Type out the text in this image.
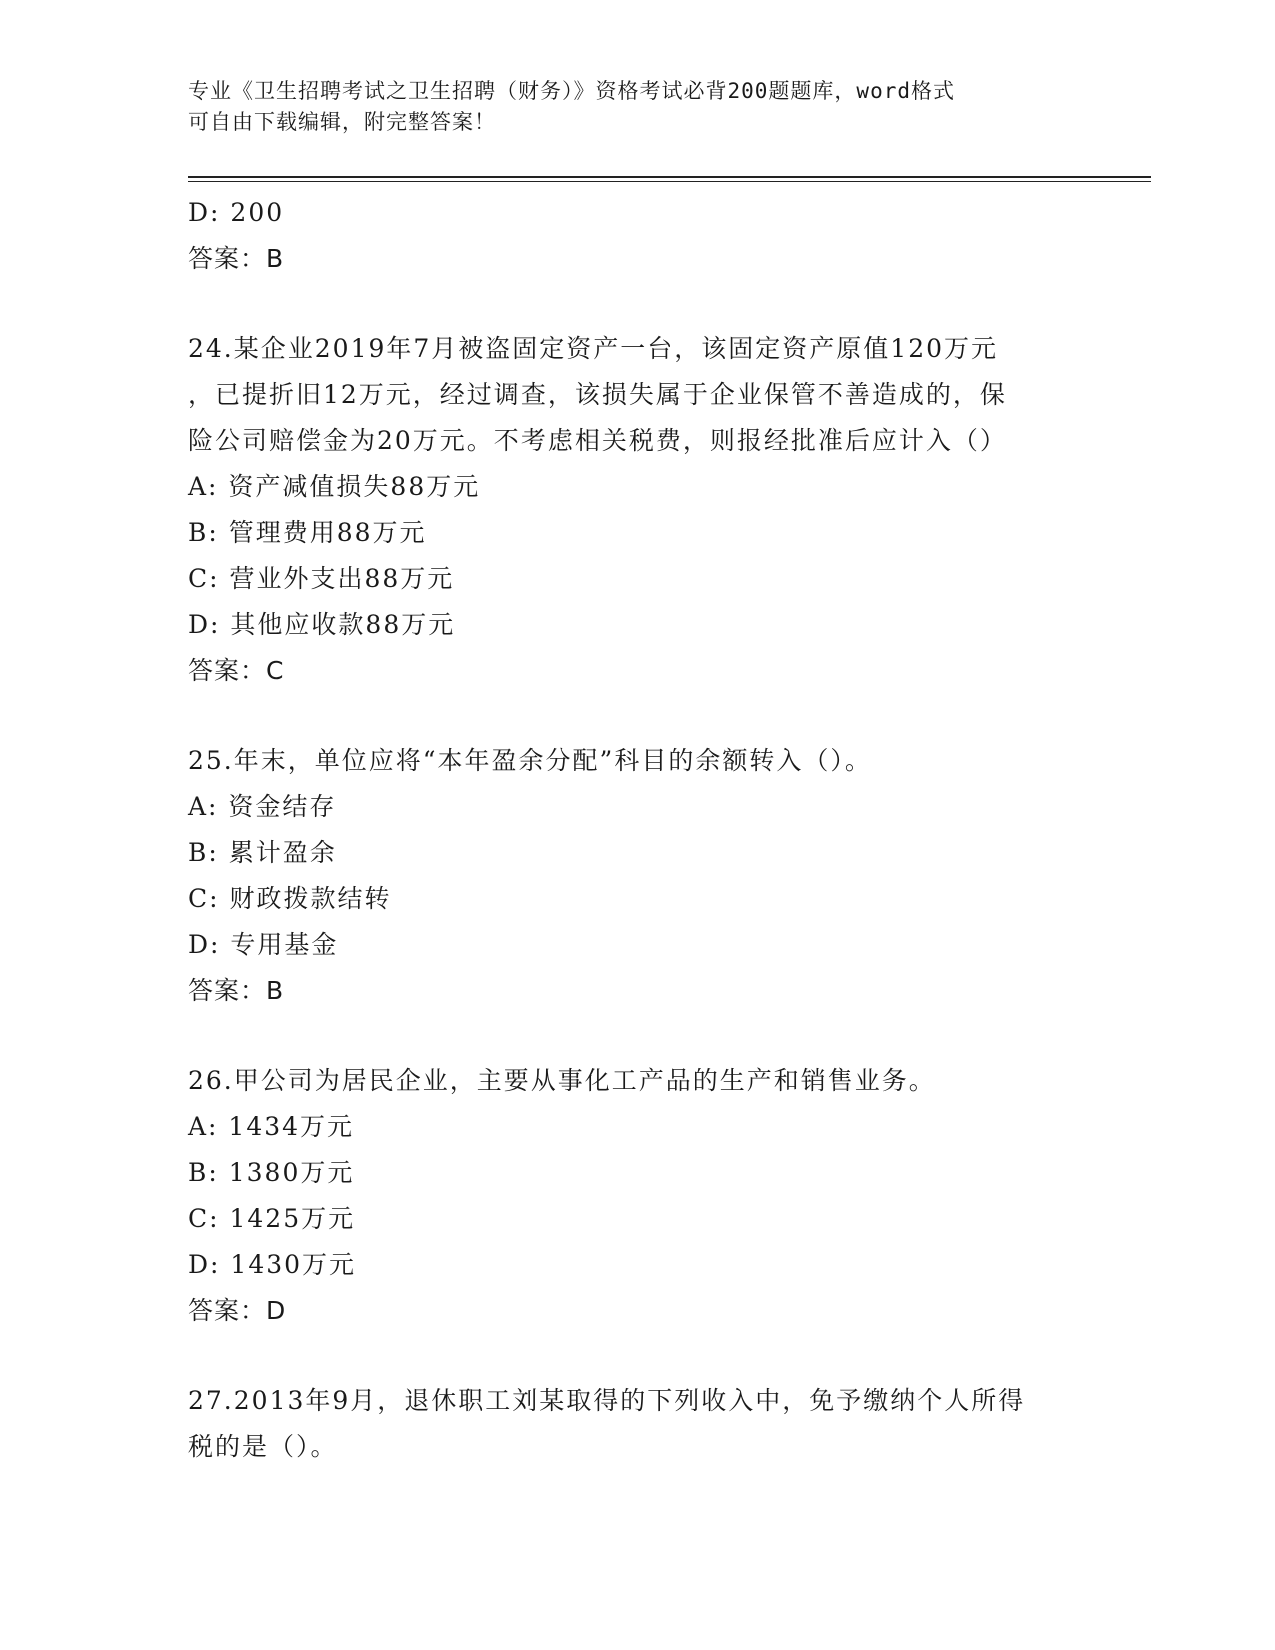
专业《卫生招聘考试之卫生招聘（财务）》资格考试必背200题题库，word格式
可自由下载编辑，附完整答案！
D: 200
答案：B
24.某企业2019年7月被盗固定资产一台，该固定资产原值120万元
，已提折旧12万元，经过调查，该损失属于企业保管不善造成的，保
险公司赔偿金为20万元。不考虑相关税费，则报经批准后应计入（）
A: 资产减值损失88万元
B: 管理费用88万元
C: 营业外支出88万元
D: 其他应收款88万元
答案：C
25.年末，单位应将“本年盈余分配”科目的余额转入（）。
A: 资金结存
B: 累计盈余
C: 财政拨款结转
D: 专用基金
答案：B
26.甲公司为居民企业，主要从事化工产品的生产和销售业务。
A: 1434万元
B: 1380万元
C: 1425万元
D: 1430万元
答案：D
27.2013年9月，退休职工刘某取得的下列收入中，免予缴纳个人所得
税的是（）。
